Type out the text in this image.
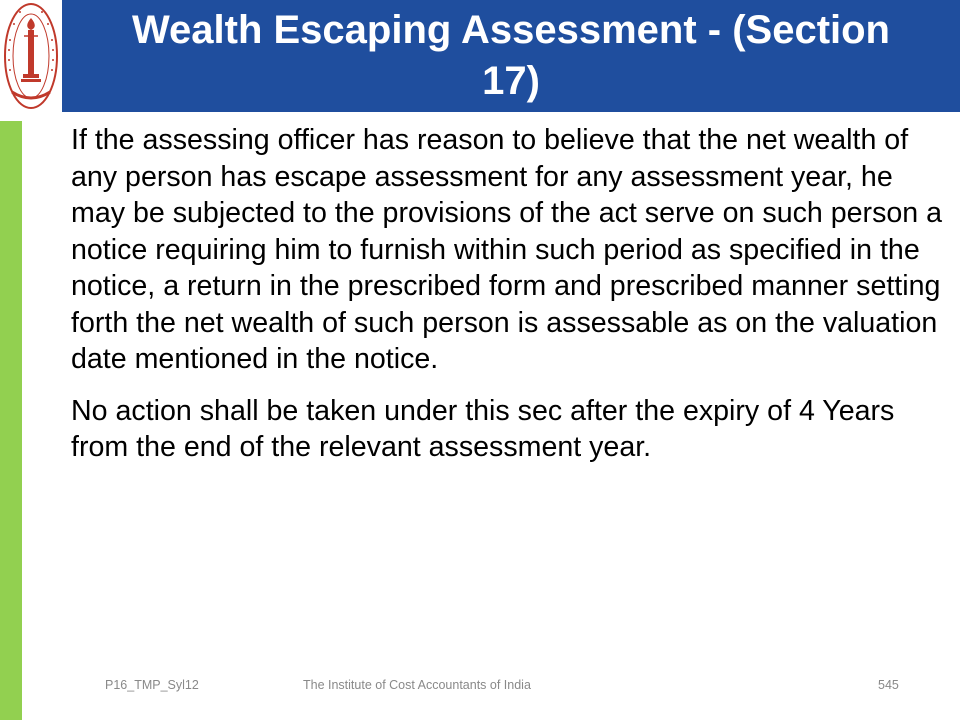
Wealth Escaping Assessment - (Section 17)

If the assessing officer has reason to believe that the net wealth of any person has escape assessment for any assessment year, he may be subjected to the provisions of the act serve on such person a notice requiring him to furnish within such period as specified in the notice, a return in the prescribed form and prescribed manner setting forth the net wealth of such person is assessable as on the valuation date mentioned in the notice.

No action shall be taken under this sec after the expiry of 4 Years from the end of the relevant assessment year.

P16_TMP_Syl12	The Institute of Cost Accountants of India	545
